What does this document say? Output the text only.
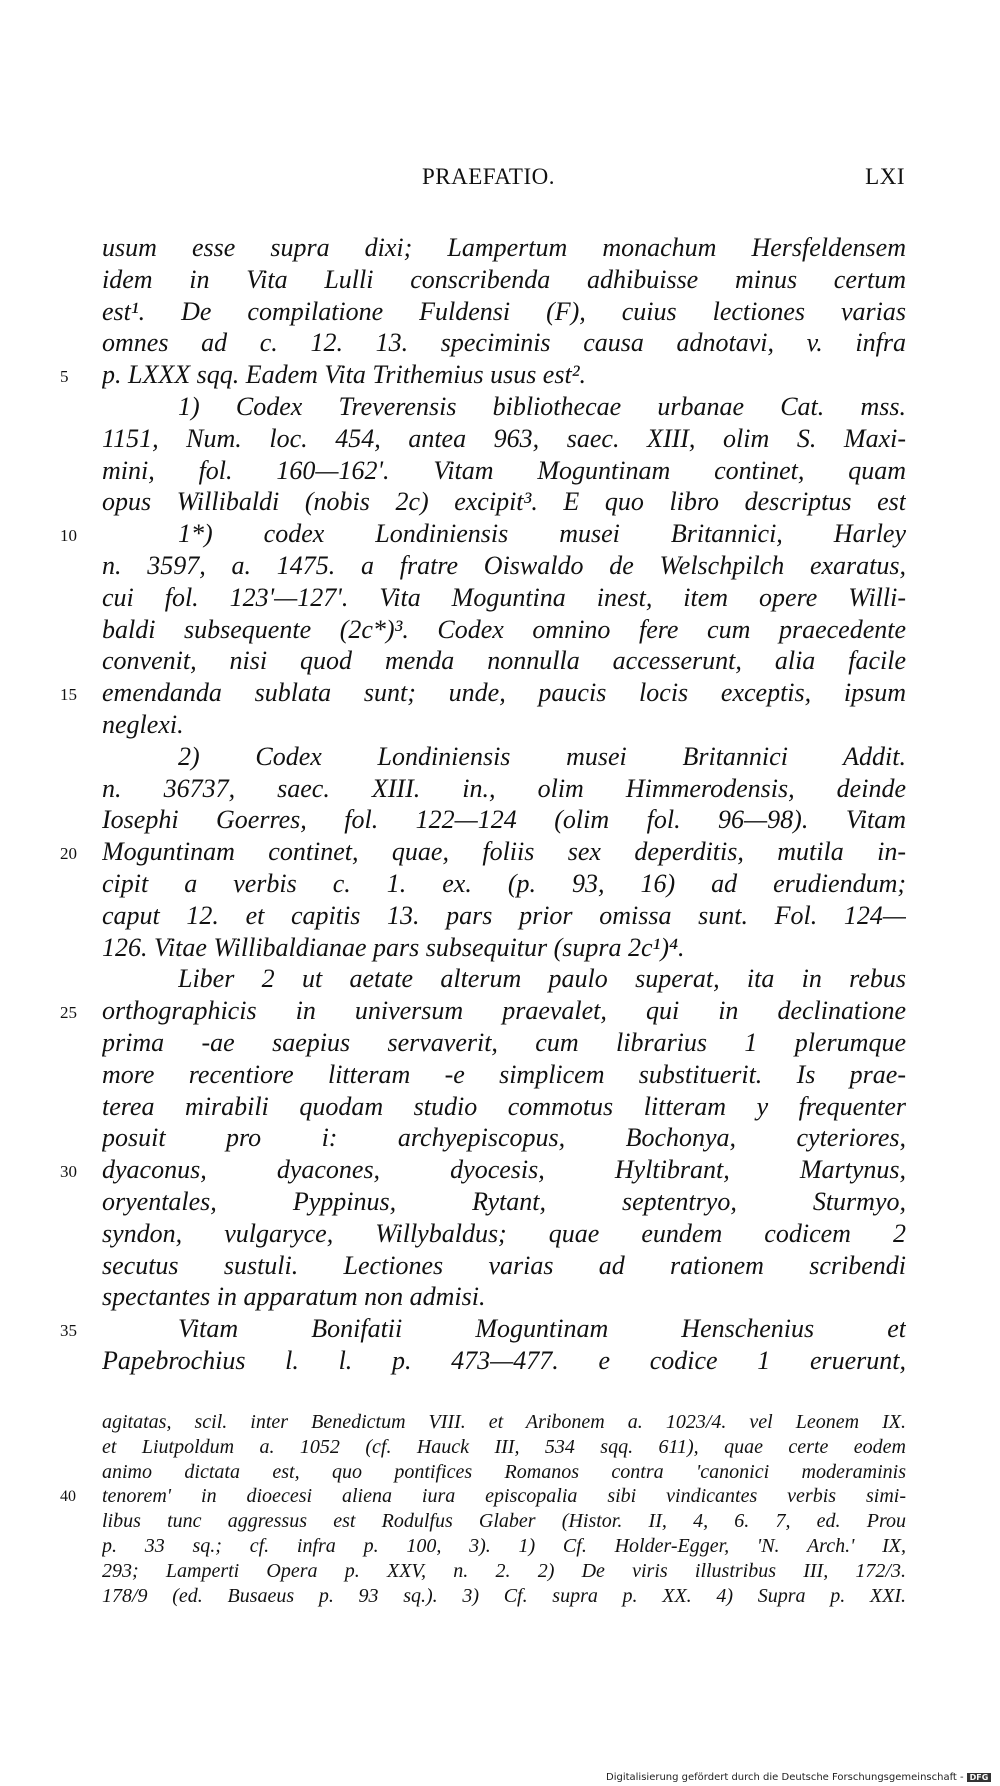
PRAEFATIO.	LXI
usum esse supra dixi; Lampertum monachum Hersfeldensem
idem in Vita Lulli conscribenda adhibuisse minus certum
est¹. De compilatione Fuldensi (F), cuius lectiones varias
omnes ad c. 12. 13. speciminis causa adnotavi, v. infra
5	p. LXXX sqq. Eadem Vita Trithemius usus est².
1) Codex Treverensis bibliothecae urbanae Cat. mss.
1151, Num. loc. 454, antea 963, saec. XIII, olim S. Maxi-
mini, fol. 160—162'. Vitam Moguntinam continet, quam
opus Willibaldi (nobis 2c) excipit³. E quo libro descriptus est
10	1*) codex Londiniensis musei Britannici, Harley
n. 3597, a. 1475. a fratre Oiswaldo de Welschpilch exaratus,
cui fol. 123'—127'. Vita Moguntina inest, item opere Willi-
baldi subsequente (2c*)³. Codex omnino fere cum praecedente
convenit, nisi quod menda nonnulla accesserunt, alia facile
15 emendanda sublata sunt; unde, paucis locis exceptis, ipsum
neglexi.
2) Codex Londiniensis musei Britannici Addit.
n. 36737, saec. XIII. in., olim Himmerodensis, deinde
Iosephi Goerres, fol. 122—124 (olim fol. 96—98). Vitam
20 Moguntinam continet, quae, foliis sex deperditis, mutila in-
cipit a verbis c. 1. ex. (p. 93, 16) ad erudiendum;
caput 12. et capitis 13. pars prior omissa sunt. Fol. 124—
126. Vitae Willibaldianae pars subsequitur (supra 2c¹)⁴.
Liber 2 ut aetate alterum paulo superat, ita in rebus
25 orthographicis in universum praevalet, qui in declinatione
prima -ae saepius servaverit, cum librarius 1 plerumque
more recentiore litteram -e simplicem substituerit. Is prae-
terea mirabili quodam studio commotus litteram y frequenter
posuit pro i: archyepiscopus, Bochonya, cyteriores,
30 dyaconus, dyacones, dyocesis, Hyltibrant, Martynus,
oryentales, Pyppinus, Rytant, septentryo, Sturmyo,
syndon, vulgaryce, Willybaldus; quae eundem codicem 2
secutus sustuli. Lectiones varias ad rationem scribendi
spectantes in apparatum non admisi.
35	Vitam Bonifatii Moguntinam Henschenius et
Papebrochius l. l. p. 473—477. e codice 1 eruerunt,
agitatas, scil. inter Benedictum VIII. et Aribonem a. 1023/4. vel Leonem IX.
et Liutpoldum a. 1052 (cf. Hauck III, 534 sqq. 611), quae certe eodem
animo dictata est, quo pontifices Romanos contra 'canonici moderaminis
40	tenorem' in dioecesi aliena iura episcopalia sibi vindicantes verbis simi-
libus tunc aggressus est Rodulfus Glaber (Histor. II, 4, 6. 7, ed. Prou
p. 33 sq.; cf. infra p. 100, 3). 1) Cf. Holder-Egger, 'N. Arch.' IX,
293; Lamperti Opera p. XXV, n. 2. 2) De viris illustribus III, 172/3.
178/9 (ed. Busaeus p. 93 sq.). 3) Cf. supra p. XX. 4) Supra p. XXI.
Digitalisierung gefördert durch die Deutsche Forschungsgemeinschaft - DFG
